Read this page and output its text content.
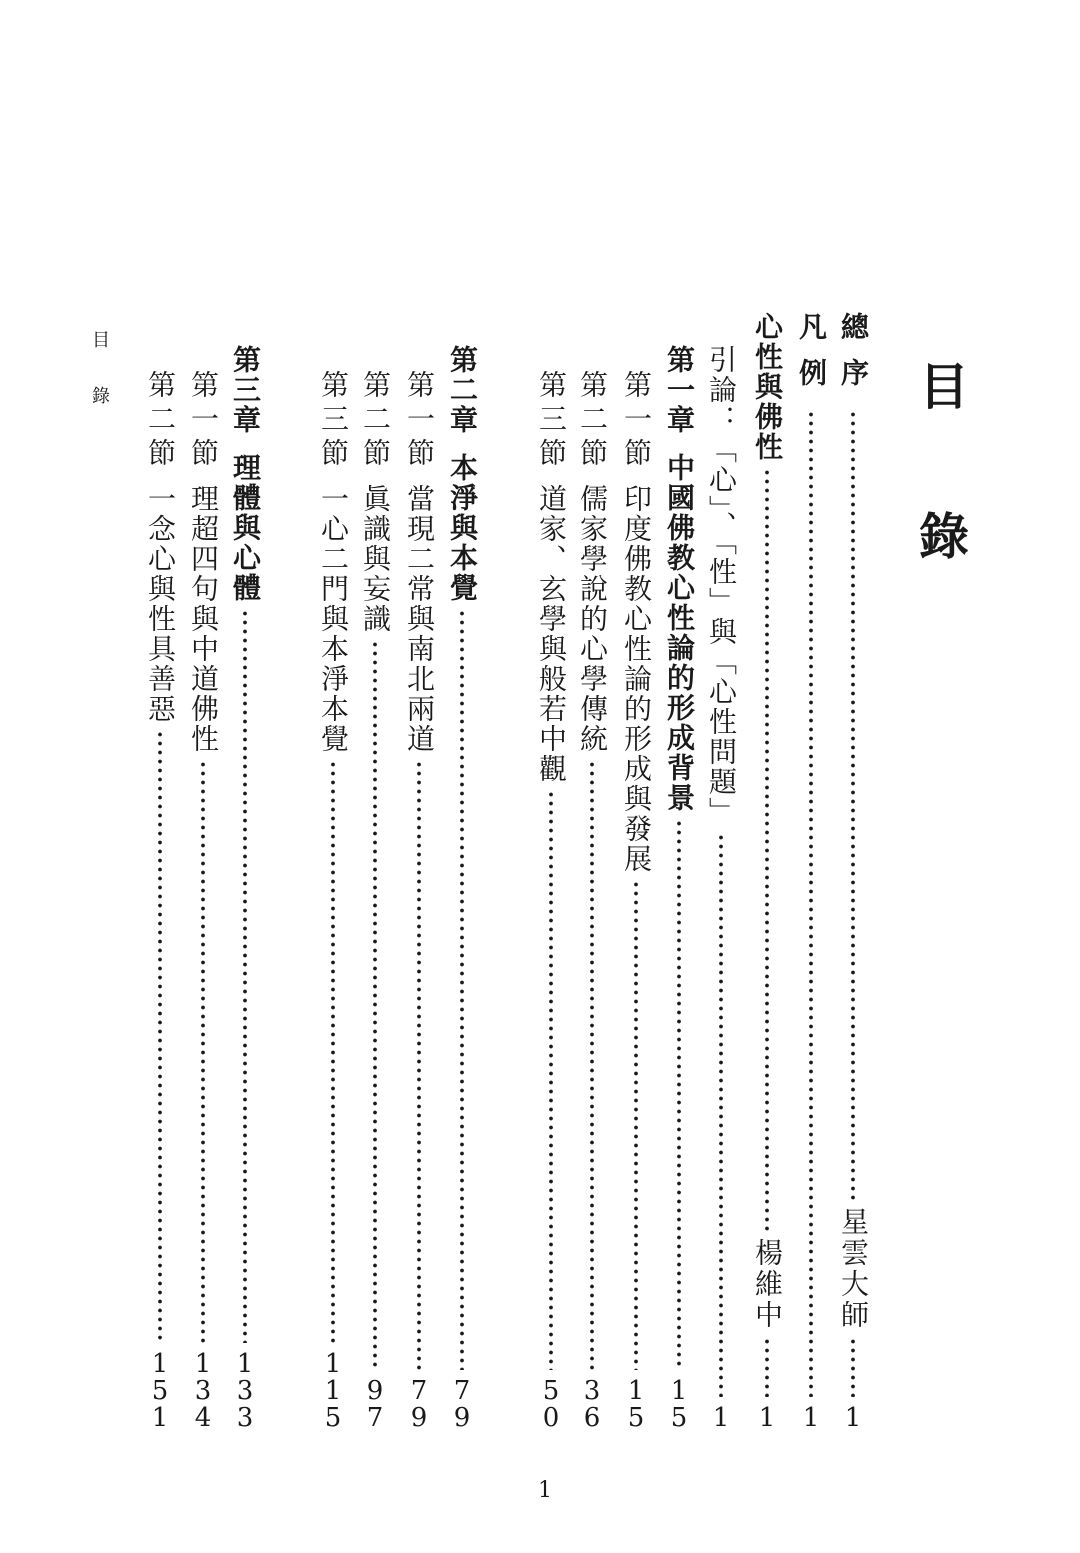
目錄
目錄	總序
星雲大師
1
凡例
1
心性與佛性
楊維中
1
引論：「心」、「性」與「心性問題」
1
第一章
中國佛教心性論的形成背景
15
第一節
印度佛教心性論的形成與發展
15
第二節
儒家學說的心學傳統
36
第三節
道家、玄學與般若中觀
50
第二章
本淨與本覺
79
第一節
當現二常與南北兩道
79
第二節
眞識與妄識
97
第三節
一心二門與本淨本覺
115
第三章
理體與心體
133
第一節
理超四句與中道佛性
134
第二節
一念心與性具善惡
151
1
